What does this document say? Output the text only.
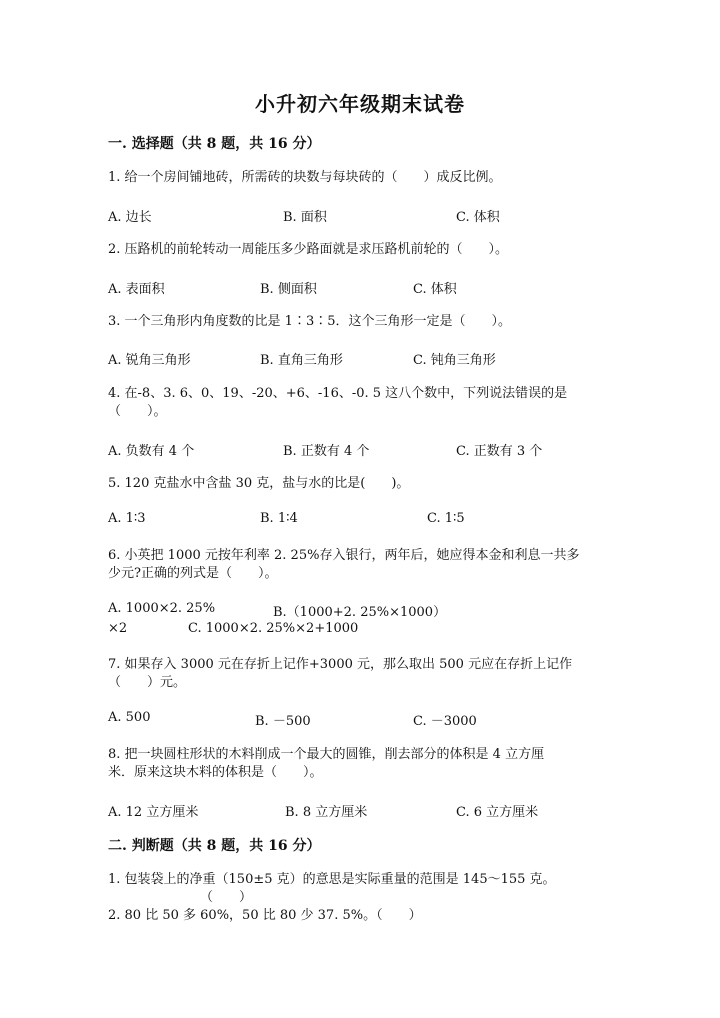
小升初六年级期末试卷
一. 选择题（共 8 题，共 16 分）
1. 给一个房间铺地砖，所需砖的块数与每块砖的（　　）成反比例。
A. 边长	B. 面积	C. 体积
2. 压路机的前轮转动一周能压多少路面就是求压路机前轮的（　　）。
A. 表面积	B. 侧面积	C. 体积
3. 一个三角形内角度数的比是 1∶3∶5．这个三角形一定是（　　）。
A. 锐角三角形	B. 直角三角形	C. 钝角三角形
4. 在-8、3. 6、0、19、-20、+6、-16、-0. 5 这八个数中，下列说法错误的是
（　　）。
A. 负数有 4 个	B. 正数有 4 个	C. 正数有 3 个
5. 120 克盐水中含盐 30 克，盐与水的比是(　　)。
A. 1∶3	B. 1∶4	C. 1∶5
6. 小英把 1000 元按年利率 2. 25%存入银行，两年后，她应得本金和利息一共多
少元?正确的列式是（　　）。
A. 1000×2. 25%	B.（1000+2. 25%×1000）
×2	C. 1000×2. 25%×2+1000
7. 如果存入 3000 元在存折上记作+3000 元，那么取出 500 元应在存折上记作
（　　）元。
A. 500	B. －500	C. －3000
8. 把一块圆柱形状的木料削成一个最大的圆锥，削去部分的体积是 4 立方厘
米．原来这块木料的体积是（　　）。
A. 12 立方厘米	B. 8 立方厘米	C. 6 立方厘米
二. 判断题（共 8 题，共 16 分）
1. 包装袋上的净重（150±5 克）的意思是实际重量的范围是 145～155 克。
（　　）
2. 80 比 50 多 60%，50 比 80 少 37. 5%。（　　）
